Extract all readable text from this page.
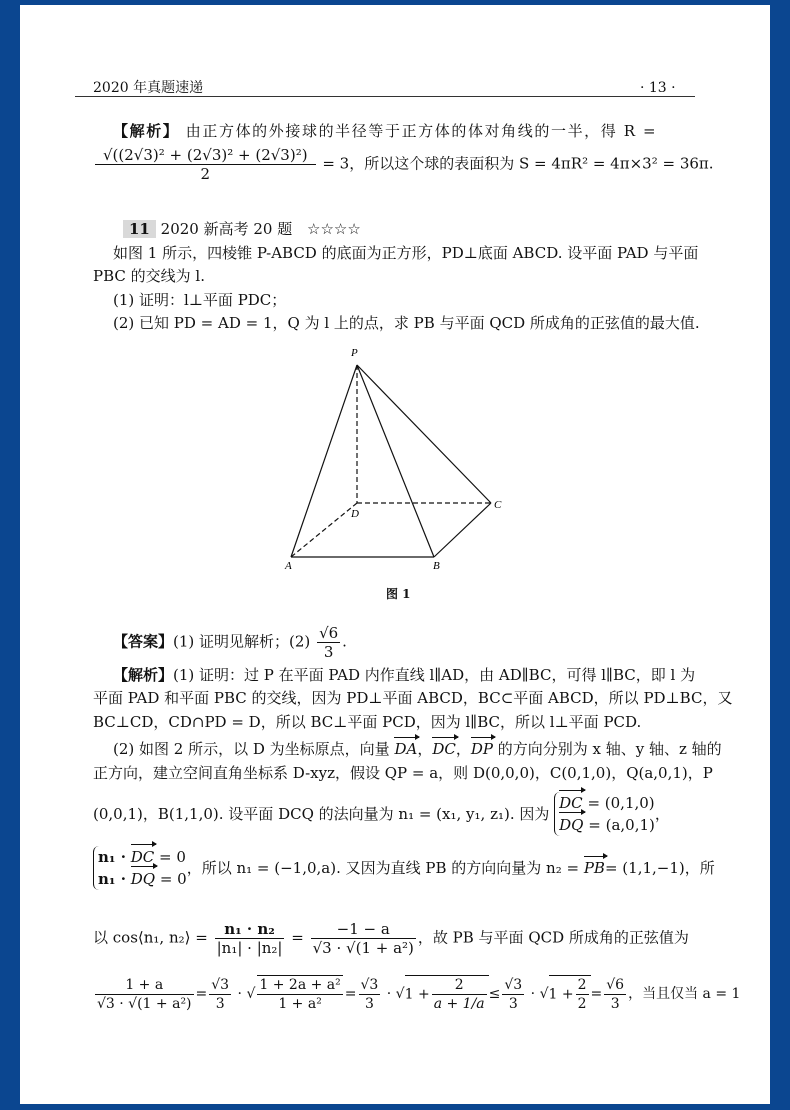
2020 年真题速递	· 13 ·
【解析】 由正方体的外接球的半径等于正方体的体对角线的一半，得 R =
$\frac{\text{√((2√3)² + (2√3)² + (2√3)²)}}{2} = 3$，所以这个球的表面积为 S = 4πR² = 4π×3² = 36π.
11 2020 新高考 20 题 ☆☆☆☆
如图 1 所示，四棱锥 P-ABCD 的底面为正方形，PD⊥底面 ABCD. 设平面 PAD 与平面
PBC 的交线为 l.
(1) 证明：l⊥平面 PDC；
(2) 已知 PD = AD = 1，Q 为 l 上的点，求 PB 与平面 QCD 所成角的正弦值的最大值.
P
D
C
A	B
图 1
【答案】(1) 证明见解析；$(2) \frac{√6}{3}$ .
【解析】(1) 证明：过 P 在平面 PAD 内作直线 l∥AD，由 AD∥BC，可得 l∥BC，即 l 为
平面 PAD 和平面 PBC 的交线，因为 PD⊥平面 ABCD，BC⊂平面 ABCD，所以 PD⊥BC，又
BC⊥CD，CD∩PD = D，所以 BC⊥平面 PCD，因为 l∥BC，所以 l⊥平面 PCD.
(2) 如图 2 所示，以 D 为坐标原点，向量 DA，DC，DP 的方向分别为 x 轴、y 轴、z 轴的
正方向，建立空间直角坐标系 D-xyz，假设 QP = a，则 D(0,0,0)，C(0,1,0)，Q(a,0,1)，P
(0,0,1)，B(1,1,0). 设平面 DCQ 的法向量为 n₁ = (x₁, y₁, z₁). 因为
DC = (0,1,0)
DQ = (a,0,1)
，
n₁ · DC = 0
n₁ · DQ = 0
，所以 n₁ = (−1,0,a). 又因为直线 PB 的方向向量为 n₂ = PB= (1,1,−1)，所
以 cos⟨n₁, n₂⟩ = $\frac{\text{n₁ · n₂}}{\text{|n₁| · |n₂|}} = \frac{-1 - a}{\text{√3 · √(1 + a²)}}$ ，故 PB 与平面 QCD 所成角的正弦值为
$\frac{1 + a}{\text{√3 · √(1 + a²)}} = \frac{√3}{3}$ · √ $\frac{\text{1 + 2a + a²}}{\text{1 + a²}} = \frac{√3}{3} \cdot √1 + \frac{2}{a + 1/a} \le \frac{√3}{3} \cdot √1 + \frac{2}{2} = \frac{√6}{3}$ ，当且仅当 a = 1
